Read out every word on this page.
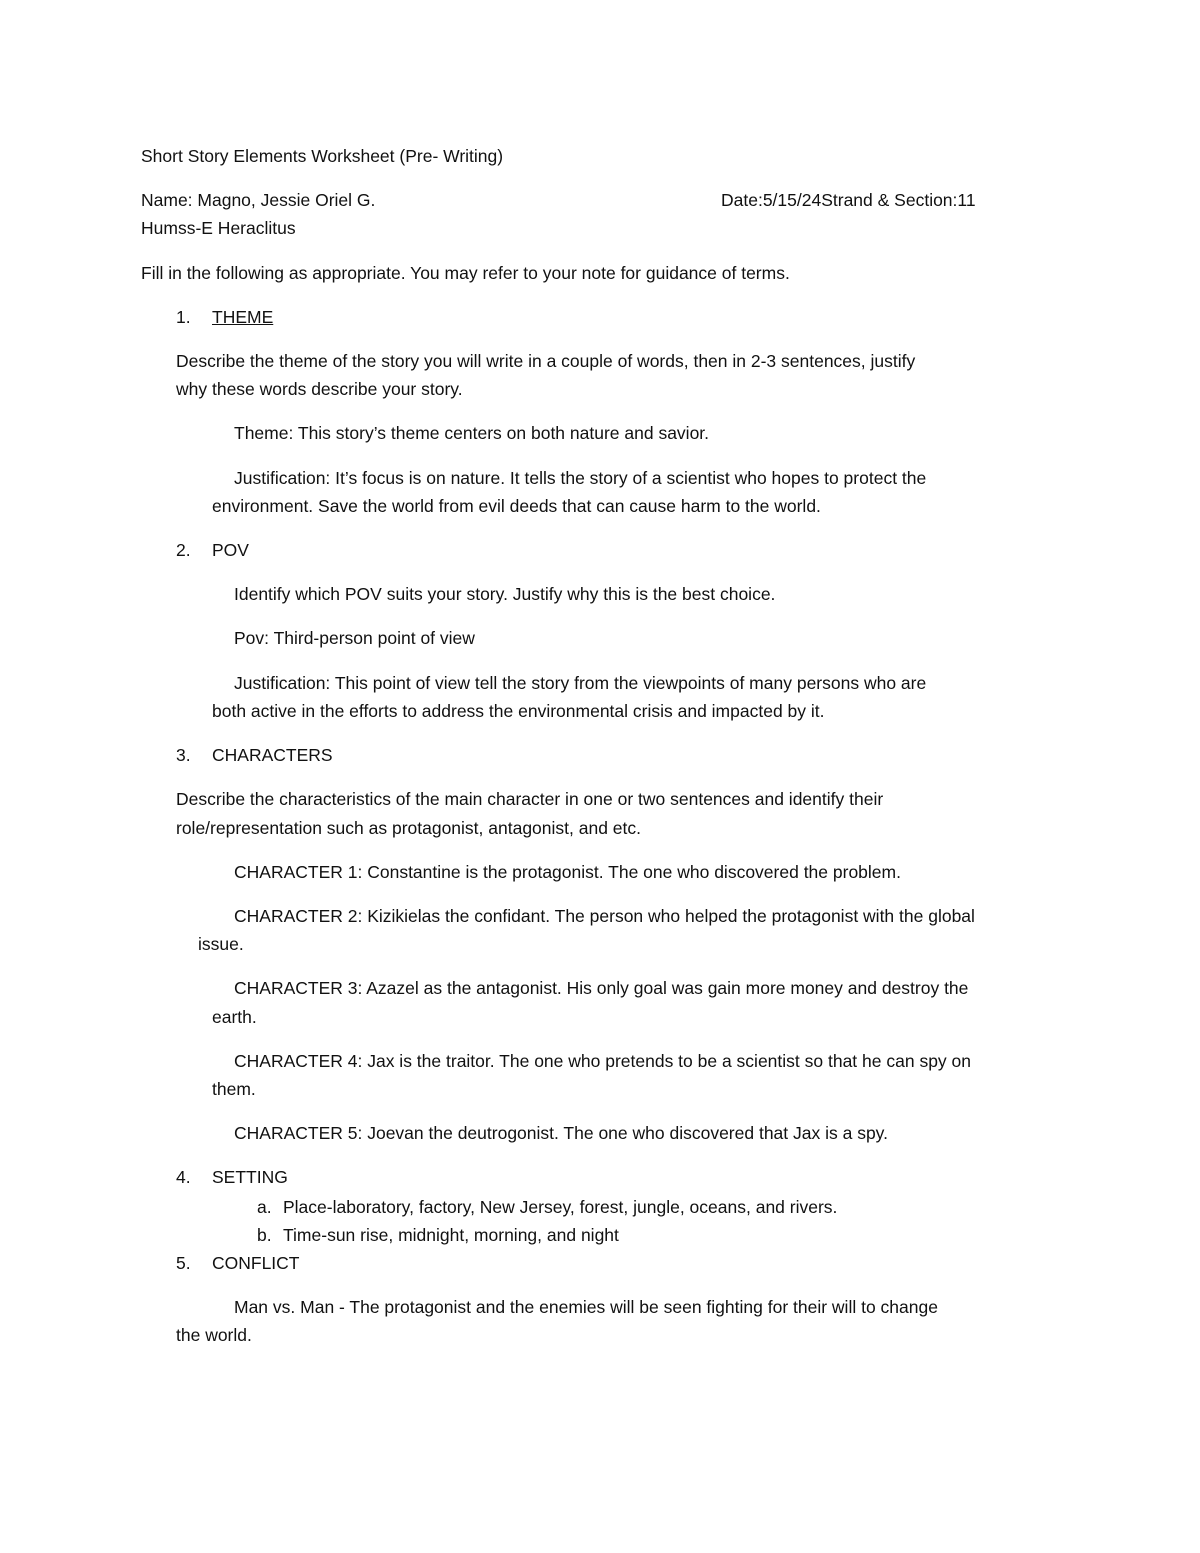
Short Story Elements Worksheet (Pre- Writing)
Name: Magno, Jessie Oriel G.	Date:5/15/24Strand & Section:11
Humss-E Heraclitus
Fill in the following as appropriate. You may refer to your note for guidance of terms.
1. THEME
Describe the theme of the story you will write in a couple of words, then in 2-3 sentences, justify
why these words describe your story.
Theme: This story’s theme centers on both nature and savior.
Justification: It’s focus is on nature. It tells the story of a scientist who hopes to protect the
environment. Save the world from evil deeds that can cause harm to the world.
2. POV
Identify which POV suits your story. Justify why this is the best choice.
Pov: Third-person point of view
Justification: This point of view tell the story from the viewpoints of many persons who are
both active in the efforts to address the environmental crisis and impacted by it.
3. CHARACTERS
Describe the characteristics of the main character in one or two sentences and identify their
role/representation such as protagonist, antagonist, and etc.
CHARACTER 1: Constantine is the protagonist. The one who discovered the problem.
CHARACTER 2: Kizikielas the confidant. The person who helped the protagonist with the global
issue.
CHARACTER 3: Azazel as the antagonist. His only goal was gain more money and destroy the
earth.
CHARACTER 4: Jax is the traitor. The one who pretends to be a scientist so that he can spy on
them.
CHARACTER 5: Joevan the deutrogonist. The one who discovered that Jax is a spy.
4. SETTING
a. Place-laboratory, factory, New Jersey, forest, jungle, oceans, and rivers.
b. Time-sun rise, midnight, morning, and night
5. CONFLICT
Man vs. Man - The protagonist and the enemies will be seen fighting for their will to change
the world.
